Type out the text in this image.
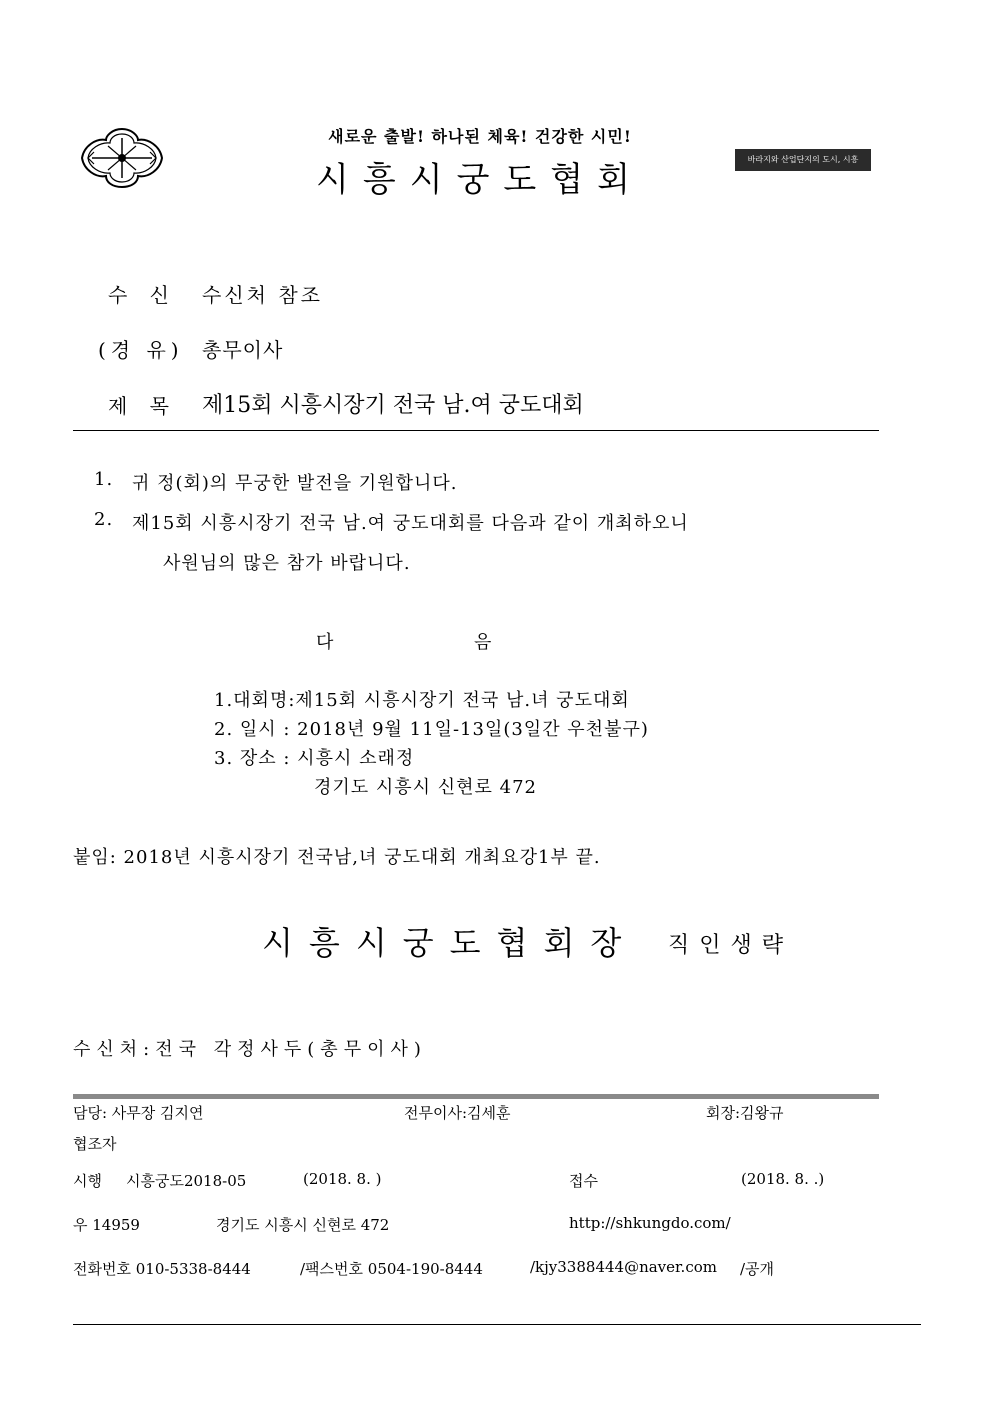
새로운 출발! 하나된 체육! 건강한 시민!
시흥시궁도협회
바라지와 산업단지의 도시, 시흥
수 신 수신처 참조
(경 유) 총무이사
제 목 제15회 시흥시장기 전국 남.여 궁도대회
1. 귀 정(회)의 무궁한 발전을 기원합니다.
2. 제15회 시흥시장기 전국 남.여 궁도대회를 다음과 같이 개최하오니
사원님의 많은 참가 바랍니다.
다	음
1.대회명:제15회 시흥시장기 전국 남.녀 궁도대회
2. 일시 : 2018년 9월 11일-13일(3일간 우천불구)
3. 장소 : 시흥시 소래정
경기도 시흥시 신현로 472
붙임: 2018년 시흥시장기 전국남,녀 궁도대회 개최요강1부 끝.
시흥시궁도협회장 직인생략
수신처:전국 각정사두(총무이사)
담당: 사무장 김지연	전무이사:김세훈	회장:김왕규
협조자
시행 시흥궁도2018-05	(2018. 8. )	접수	(2018. 8. .)
우 14959	경기도 시흥시 신현로 472	http://shkungdo.com/
전화번호 010-5338-8444	/팩스번호 0504-190-8444	/kjy3388444@naver.com /공개
